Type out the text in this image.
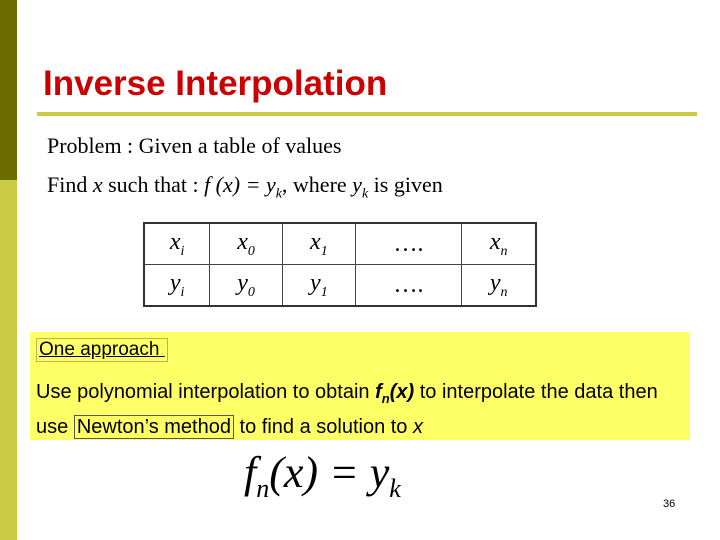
Inverse Interpolation
Problem : Given a table of values
Find x such that : f $(x) = y_k$, where $y_k$ is given
$x_i$	$x_0$	$x_1$	….	$x_n$
$y_i$	$y_0$	$y_1$	….	$y_n$
One approach:
Use polynomial interpolation to obtain $f_n(x)$ to interpolate the data then use Newton’s method to find a solution to x
$f_n(x) = y_k$
36
